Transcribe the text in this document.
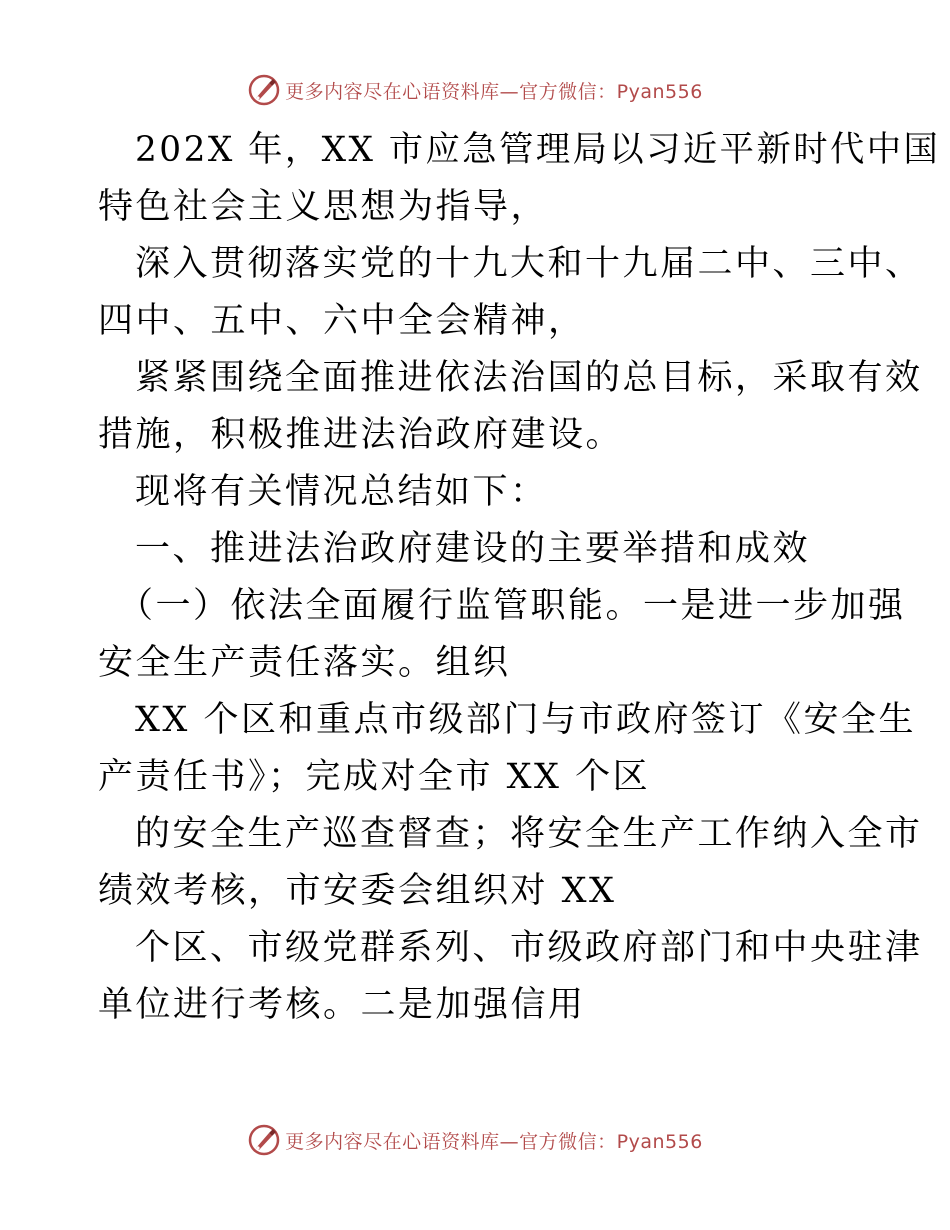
更多内容尽在心语资料库—官方微信：Pyan556
202X 年，XX 市应急管理局以习近平新时代中国
特色社会主义思想为指导，
深入贯彻落实党的十九大和十九届二中、三中、
四中、五中、六中全会精神，
紧紧围绕全面推进依法治国的总目标，采取有效
措施，积极推进法治政府建设。
现将有关情况总结如下：
一、推进法治政府建设的主要举措和成效
（一）依法全面履行监管职能。一是进一步加强
安全生产责任落实。组织
XX 个区和重点市级部门与市政府签订《安全生
产责任书》；完成对全市 XX 个区
的安全生产巡查督查；将安全生产工作纳入全市
绩效考核，市安委会组织对 XX
个区、市级党群系列、市级政府部门和中央驻津
单位进行考核。二是加强信用
更多内容尽在心语资料库—官方微信：Pyan556
